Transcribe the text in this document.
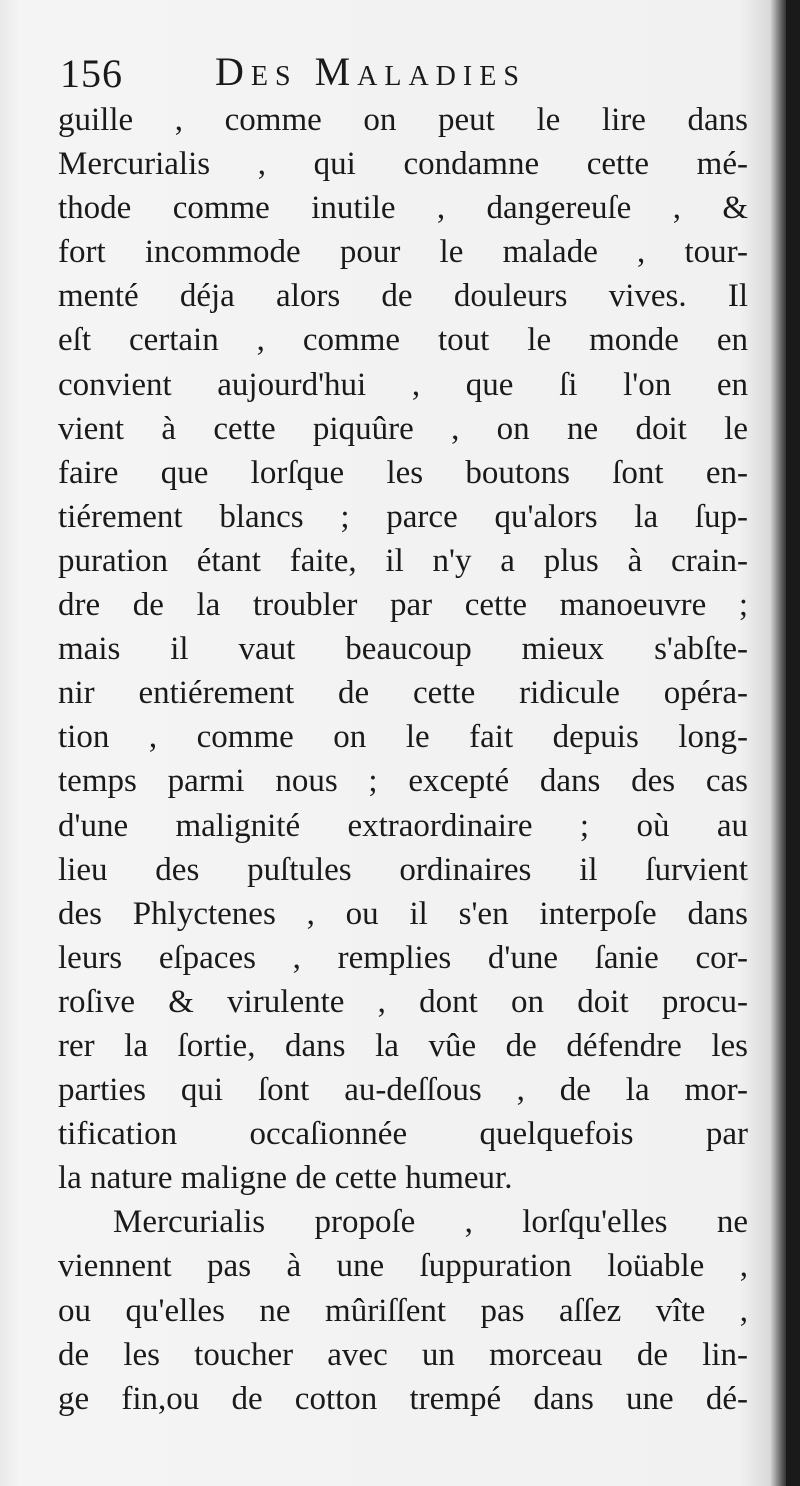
156 Des Maladies
guille , comme on peut le lire dans
Mercurialis , qui condamne cette mé-
thode comme inutile , dangereuſe , &
fort incommode pour le malade , tour-
menté déja alors de douleurs vives. Il
eſt certain , comme tout le monde en
convient aujourd'hui , que ſi l'on en
vient à cette piquûre , on ne doit le
faire que lorſque les boutons ſont en-
tiérement blancs ; parce qu'alors la ſup-
puration étant faite, il n'y a plus à crain-
dre de la troubler par cette manoeuvre ;
mais il vaut beaucoup mieux s'abſte-
nir entiérement de cette ridicule opéra-
tion , comme on le fait depuis long-
temps parmi nous ; excepté dans des cas
d'une malignité extraordinaire ; où au
lieu des puſtules ordinaires il ſurvient
des Phlyctenes , ou il s'en interpoſe dans
leurs eſpaces , remplies d'une ſanie cor-
roſive & virulente , dont on doit procu-
rer la ſortie, dans la vûe de défendre les
parties qui ſont au-deſſous , de la mor-
tification occaſionnée quelquefois par
la nature maligne de cette humeur.
Mercurialis propoſe , lorſqu'elles ne
viennent pas à une ſuppuration loüable ,
ou qu'elles ne mûriſſent pas aſſez vîte ,
de les toucher avec un morceau de lin-
ge fin,ou de cotton trempé dans une dé-
